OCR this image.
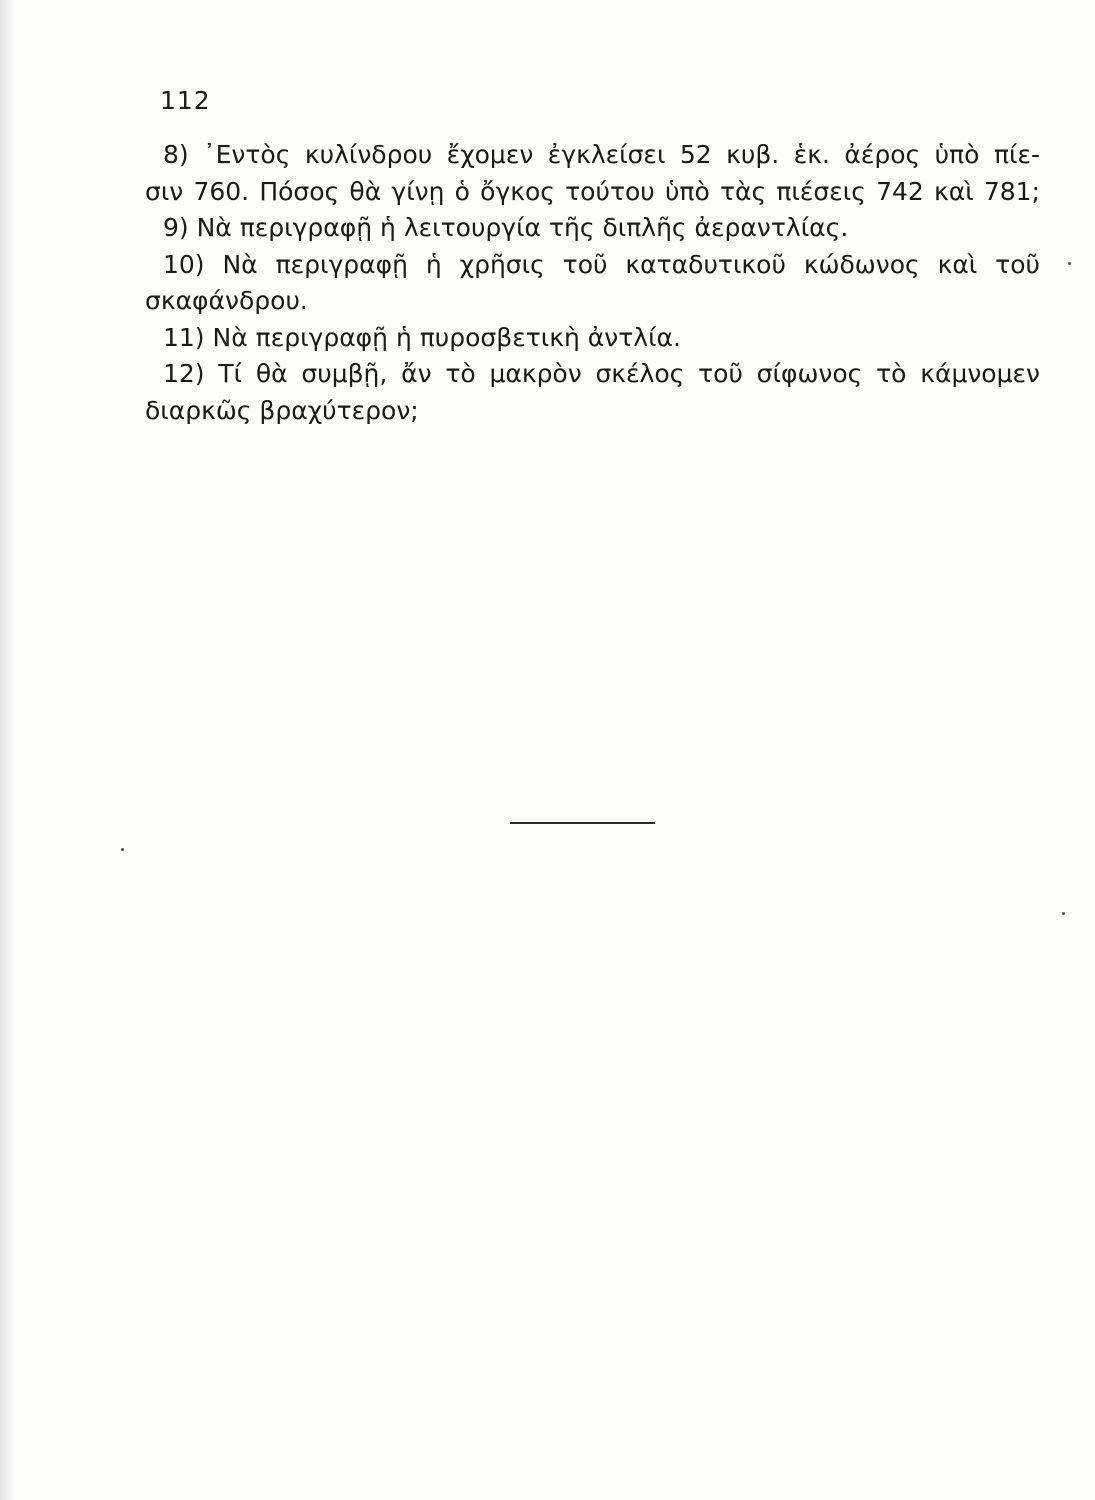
112
8) ᾽Εντὸς κυλίνδρου ἔχομεν ἐγκλείσει 52 κυβ. ἑκ. ἀέρος ὑπὸ πίε-
σιν 760. Πόσος θὰ γίνῃ ὁ ὄγκος τούτου ὑπὸ τὰς πιέσεις 742 καὶ 781;
9) Νὰ περιγραφῇ ἡ λειτουργία τῆς διπλῆς ἀεραντλίας.
10) Νὰ περιγραφῇ ἡ χρῆσις τοῦ καταδυτικοῦ κώδωνος καὶ τοῦ
σκαφάνδρου.
11) Νὰ περιγραφῇ ἡ πυροσβετικὴ ἀντλία.
12) Τί θὰ συμβῇ, ἄν τὸ μακρὸν σκέλος τοῦ σίφωνος τὸ κάμνομεν
διαρκῶς βραχύτερον;
